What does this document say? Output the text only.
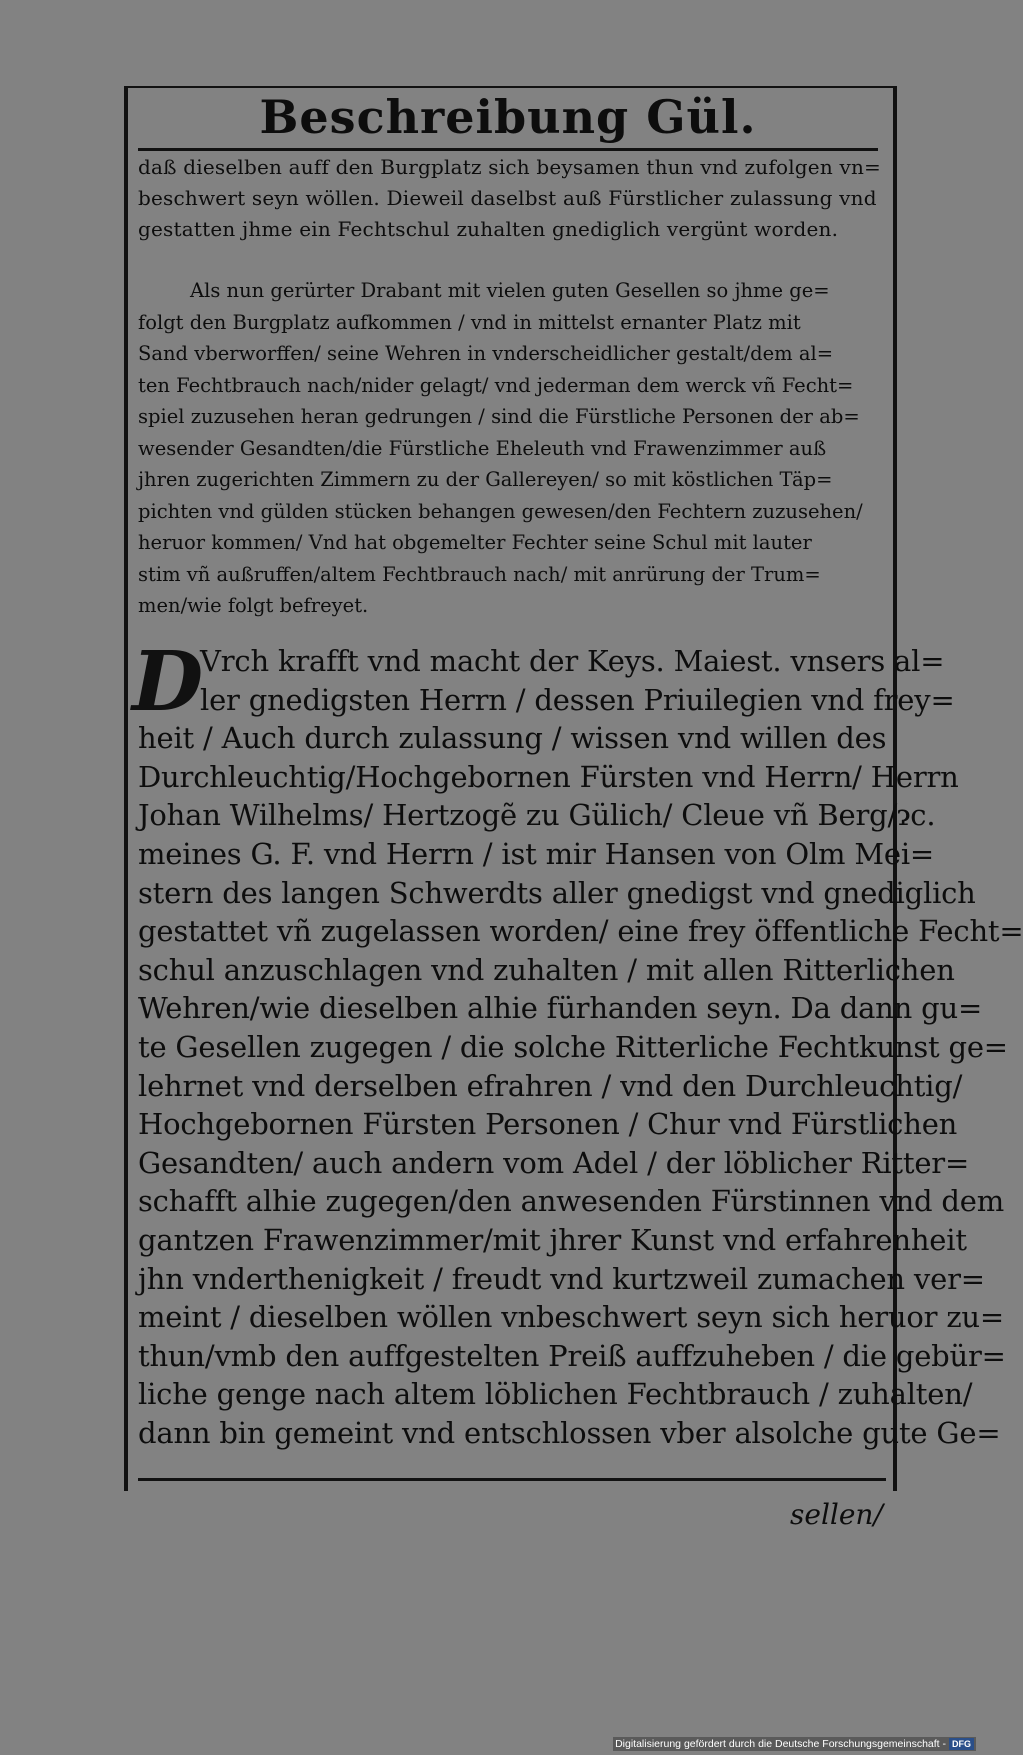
Beschreibung Gül.
daß dieselben auff den Burgplatz sich beysamen thun vnd zufolgen vn=
beschwert seyn wöllen. Dieweil daselbst auß Fürstlicher zulassung vnd
gestatten jhme ein Fechtschul zuhalten gnediglich vergünt worden.
Als nun gerürter Drabant mit vielen guten Gesellen so jhme ge=
folgt den Burgplatz aufkommen / vnd in mittelst ernanter Platz mit
Sand vberworffen/ seine Wehren in vnderscheidlicher gestalt/dem al=
ten Fechtbrauch nach/nider gelagt/ vnd jederman dem werck vñ Fecht=
spiel zuzusehen heran gedrungen / sind die Fürstliche Personen der ab=
wesender Gesandten/die Fürstliche Eheleuth vnd Frawenzimmer auß
jhren zugerichten Zimmern zu der Gallereyen/ so mit köstlichen Täp=
pichten vnd gülden stücken behangen gewesen/den Fechtern zuzusehen/
heruor kommen/ Vnd hat obgemelter Fechter seine Schul mit lauter
stim vñ außruffen/altem Fechtbrauch nach/ mit anrürung der Trum=
men/wie folgt befreyet.
D
Vrch krafft vnd macht der Keys. Maiest. vnsers al=
ler gnedigsten Herrn / dessen Priuilegien vnd frey=
heit / Auch durch zulassung / wissen vnd willen des
Durchleuchtig/Hochgebornen Fürsten vnd Herrn/ Herrn
Johan Wilhelms/ Hertzogẽ zu Gülich/ Cleue vñ Berg/ɂc.
meines G. F. vnd Herrn / ist mir Hansen von Olm Mei=
stern des langen Schwerdts aller gnedigst vnd gnediglich
gestattet vñ zugelassen worden/ eine frey öffentliche Fecht=
schul anzuschlagen vnd zuhalten / mit allen Ritterlichen
Wehren/wie dieselben alhie fürhanden seyn. Da dann gu=
te Gesellen zugegen / die solche Ritterliche Fechtkunst ge=
lehrnet vnd derselben efrahren / vnd den Durchleuchtig/
Hochgebornen Fürsten Personen / Chur vnd Fürstlichen
Gesandten/ auch andern vom Adel / der löblicher Ritter=
schafft alhie zugegen/den anwesenden Fürstinnen vnd dem
gantzen Frawenzimmer/mit jhrer Kunst vnd erfahrenheit
jhn vnderthenigkeit / freudt vnd kurtzweil zumachen ver=
meint / dieselben wöllen vnbeschwert seyn sich heruor zu=
thun/vmb den auffgestelten Preiß auffzuheben / die gebür=
liche genge nach altem löblichen Fechtbrauch / zuhalten/
dann bin gemeint vnd entschlossen vber alsolche gute Ge=
sellen/
Digitalisierung gefördert durch die Deutsche Forschungsgemeinschaft - DFG
